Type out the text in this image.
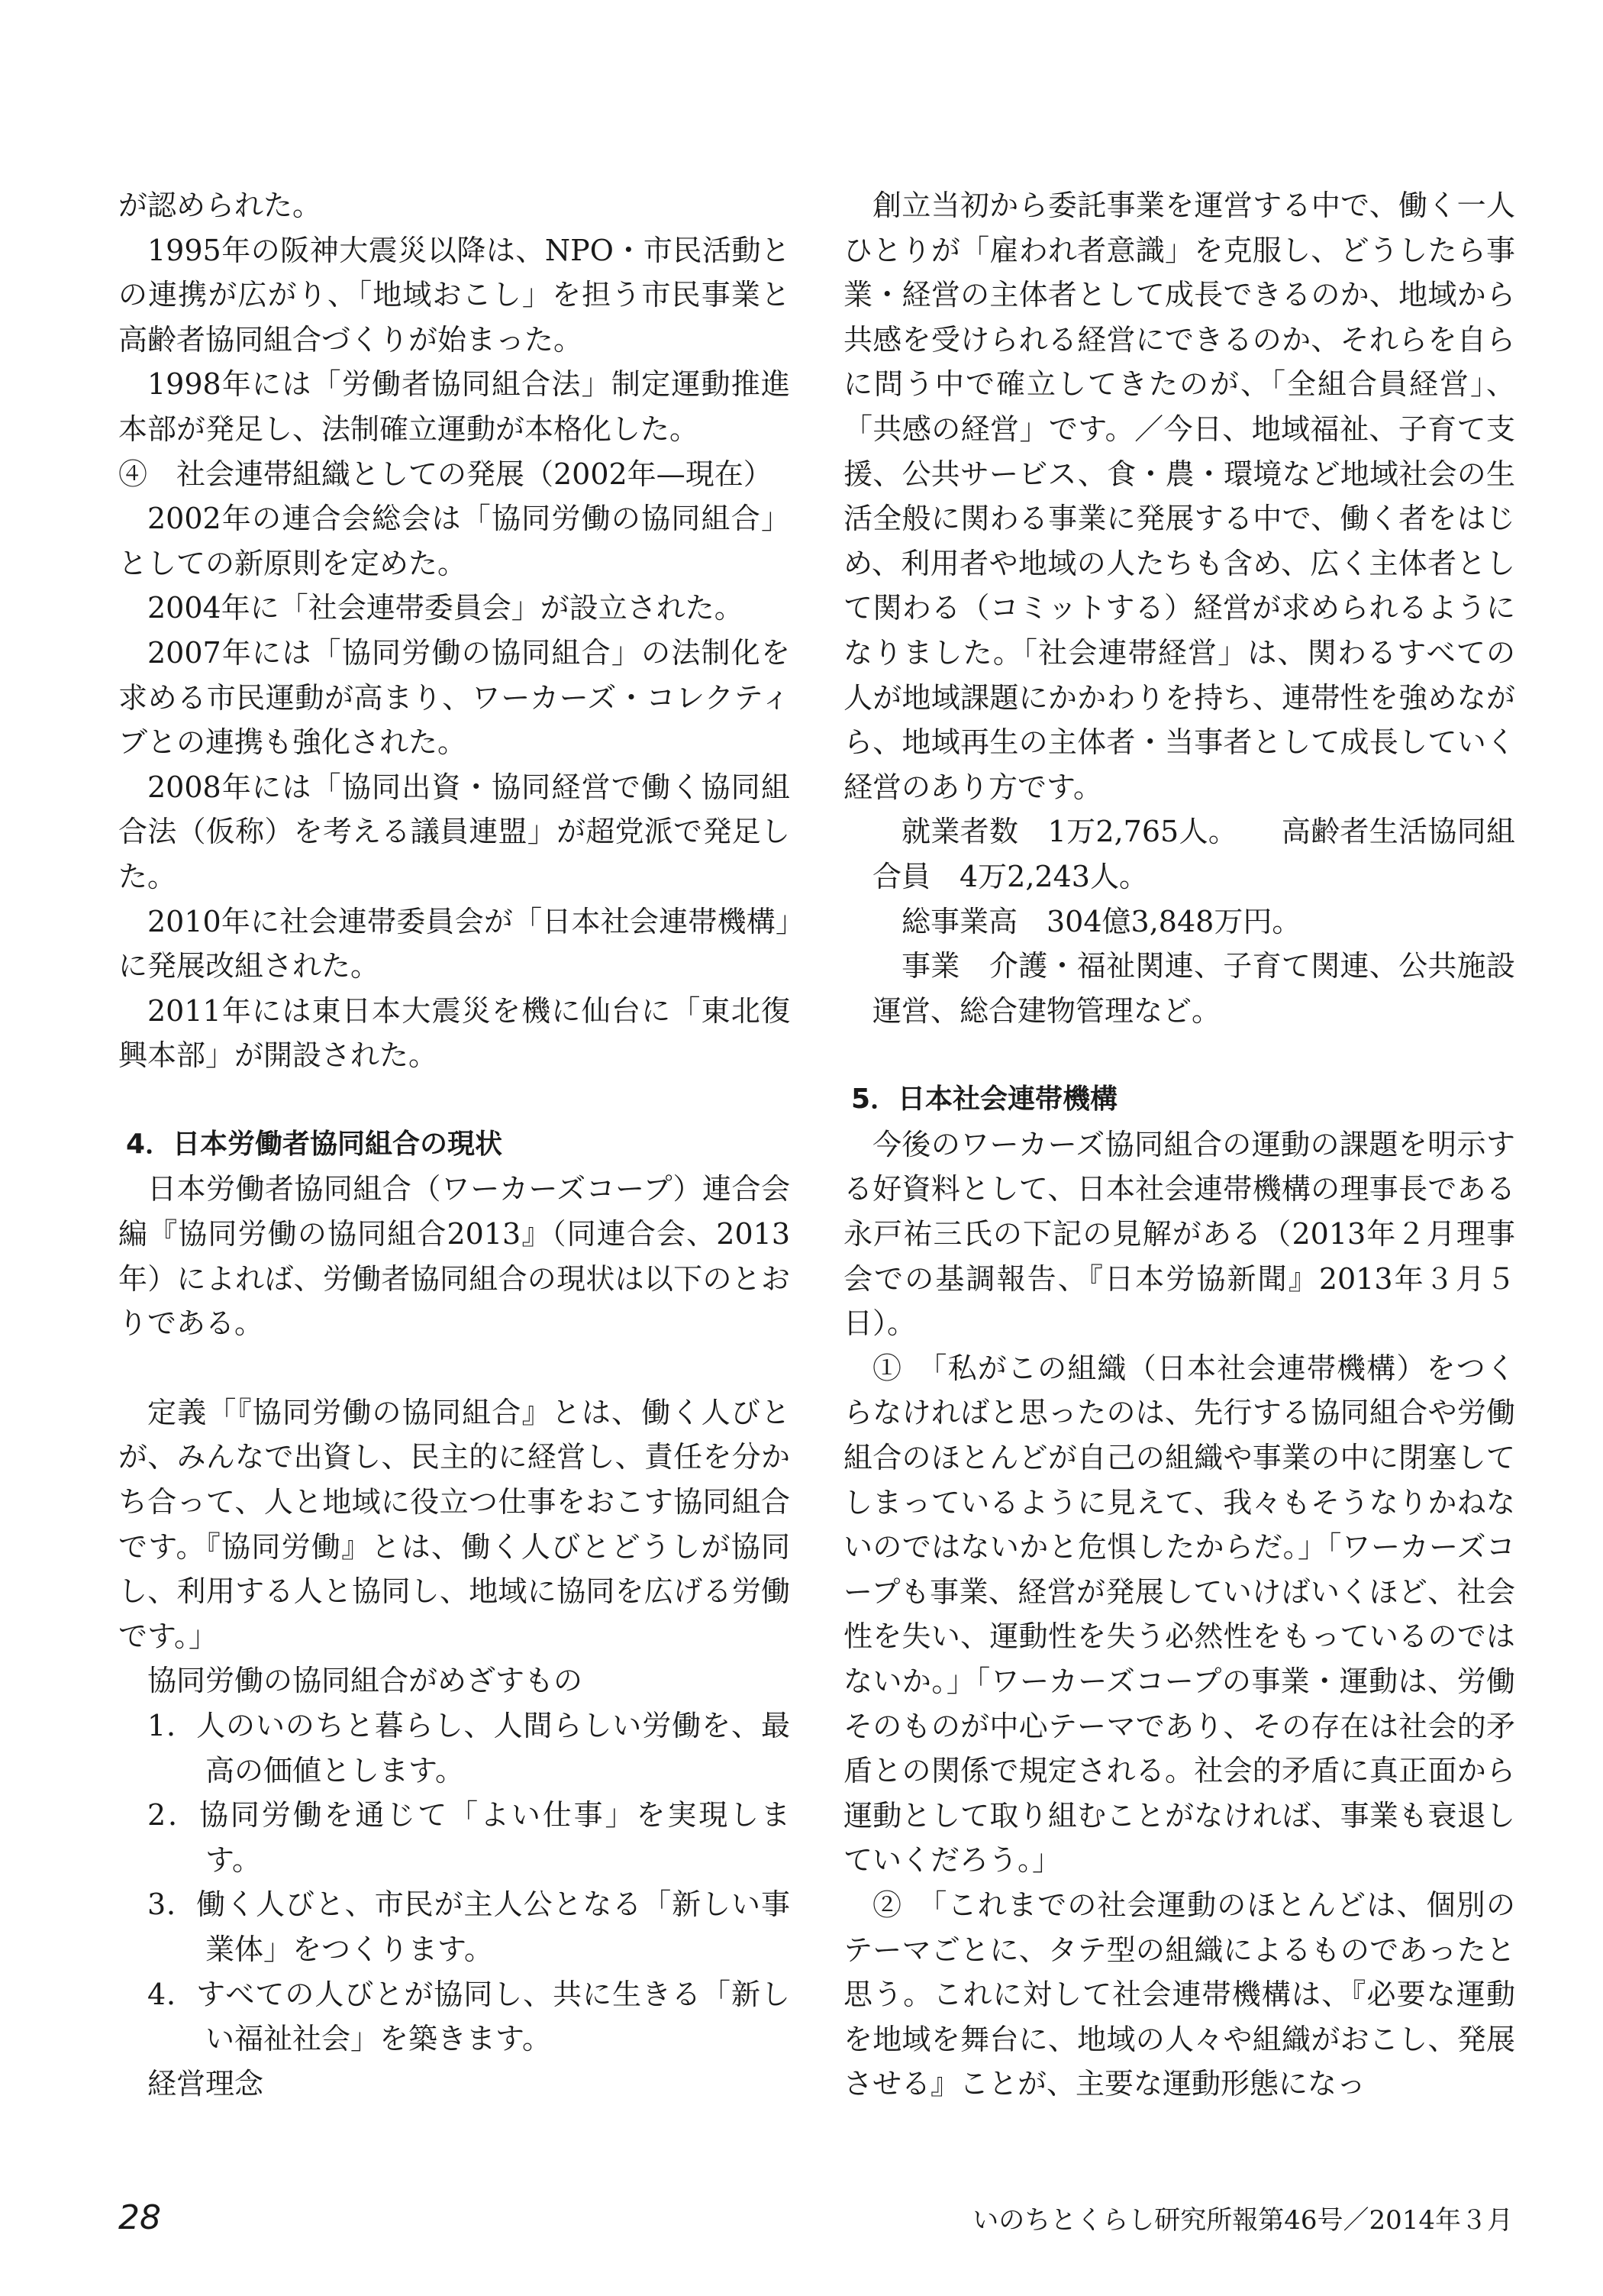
が認められた。

1995年の阪神大震災以降は、NPO・市民活動との連携が広がり、「地域おこし」を担う市民事業と高齢者協同組合づくりが始まった。

1998年には「労働者協同組合法」制定運動推進本部が発足し、法制確立運動が本格化した。

④　社会連帯組織としての発展（2002年—現在）

2002年の連合会総会は「協同労働の協同組合」としての新原則を定めた。

2004年に「社会連帯委員会」が設立された。

2007年には「協同労働の協同組合」の法制化を求める市民運動が高まり、ワーカーズ・コレクティブとの連携も強化された。

2008年には「協同出資・協同経営で働く協同組合法（仮称）を考える議員連盟」が超党派で発足した。

2010年に社会連帯委員会が「日本社会連帯機構」に発展改組された。

2011年には東日本大震災を機に仙台に「東北復興本部」が開設された。

4．日本労働者協同組合の現状

日本労働者協同組合（ワーカーズコープ）連合会編『協同労働の協同組合2013』（同連合会、2013年）によれば、労働者協同組合の現状は以下のとおりである。

定義「『協同労働の協同組合』とは、働く人びとが、みんなで出資し、民主的に経営し、責任を分かち合って、人と地域に役立つ仕事をおこす協同組合です。『協同労働』とは、働く人びとどうしが協同し、利用する人と協同し、地域に協同を広げる労働です。」

協同労働の協同組合がめざすもの

1．人のいのちと暮らし、人間らしい労働を、最高の価値とします。

2．協同労働を通じて「よい仕事」を実現します。

3．働く人びと、市民が主人公となる「新しい事業体」をつくります。

4．すべての人びとが協同し、共に生きる「新しい福祉社会」を築きます。

経営理念

創立当初から委託事業を運営する中で、働く一人ひとりが「雇われ者意識」を克服し、どうしたら事業・経営の主体者として成長できるのか、地域から共感を受けられる経営にできるのか、それらを自らに問う中で確立してきたのが、「全組合員経営」、「共感の経営」です。／今日、地域福祉、子育て支援、公共サービス、食・農・環境など地域社会の生活全般に関わる事業に発展する中で、働く者をはじめ、利用者や地域の人たちも含め、広く主体者として関わる（コミットする）経営が求められるようになりました。「社会連帯経営」は、関わるすべての人が地域課題にかかわりを持ち、連帯性を強めながら、地域再生の主体者・当事者として成長していく経営のあり方です。

就業者数　1万2,765人。　　高齢者生活協同組合員　4万2,243人。

総事業高　304億3,848万円。

事業　介護・福祉関連、子育て関連、公共施設運営、総合建物管理など。

5．日本社会連帯機構

今後のワーカーズ協同組合の運動の課題を明示する好資料として、日本社会連帯機構の理事長である永戸祐三氏の下記の見解がある（2013年２月理事会での基調報告、『日本労協新聞』2013年３月５日）。

①　「私がこの組織（日本社会連帯機構）をつくらなければと思ったのは、先行する協同組合や労働組合のほとんどが自己の組織や事業の中に閉塞してしまっているように見えて、我々もそうなりかねないのではないかと危惧したからだ。」「ワーカーズコープも事業、経営が発展していけばいくほど、社会性を失い、運動性を失う必然性をもっているのではないか。」「ワーカーズコープの事業・運動は、労働そのものが中心テーマであり、その存在は社会的矛盾との関係で規定される。社会的矛盾に真正面から運動として取り組むことがなければ、事業も衰退していくだろう。」

②　「これまでの社会運動のほとんどは、個別のテーマごとに、タテ型の組織によるものであったと思う。これに対して社会連帯機構は、『必要な運動を地域を舞台に、地域の人々や組織がおこし、発展させる』ことが、主要な運動形態になっ

28	いのちとくらし研究所報第46号／2014年３月
